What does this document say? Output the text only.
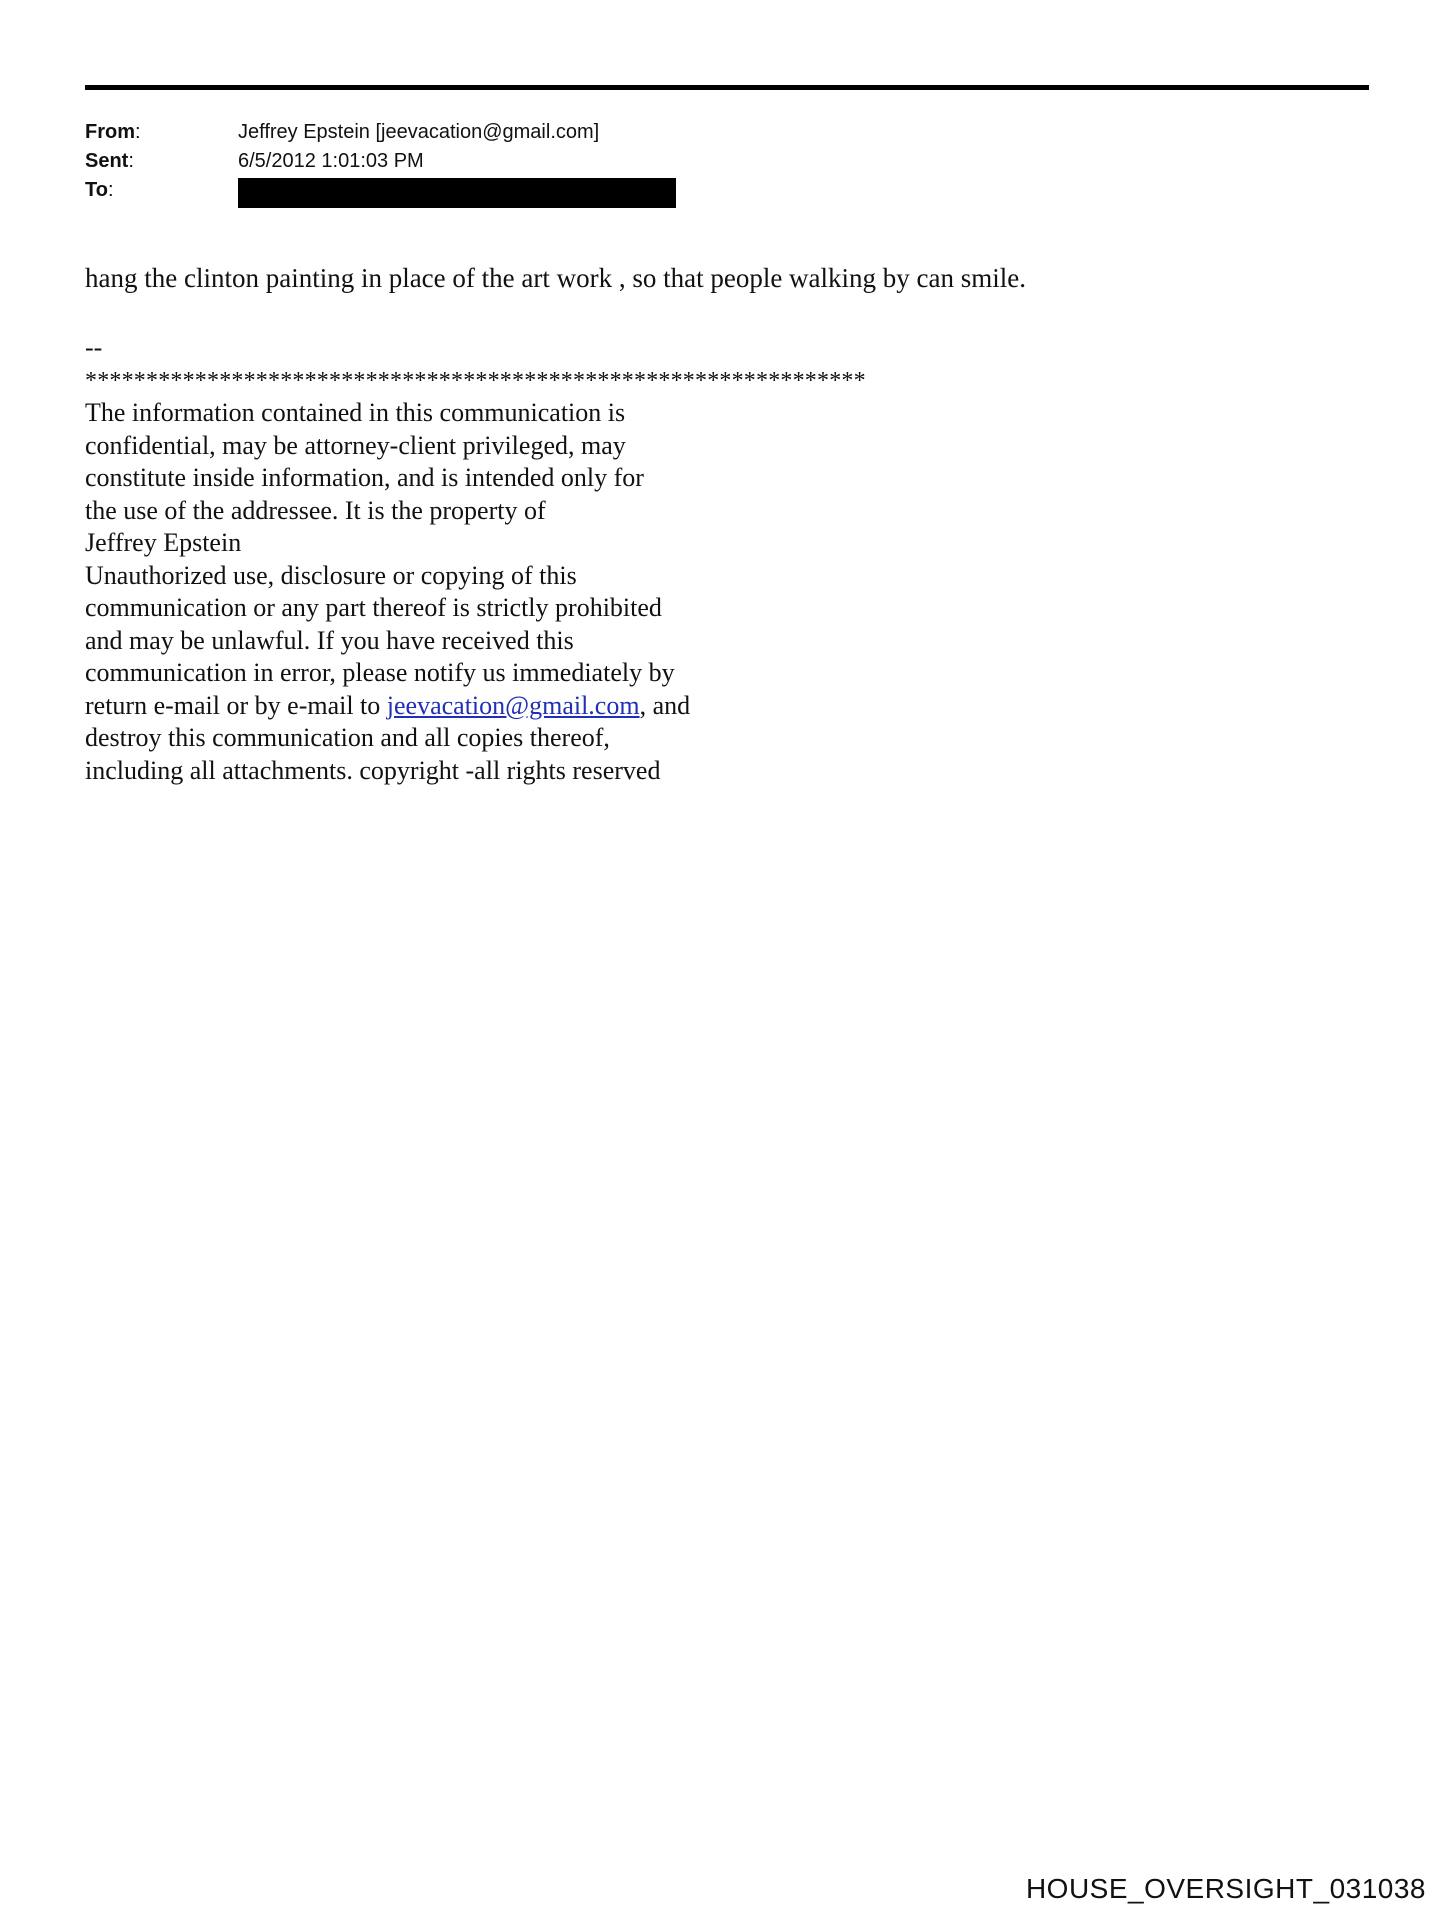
From:	Jeffrey Epstein [jeevacation@gmail.com]
Sent:	6/5/2012 1:01:03 PM
To:
hang the clinton painting in place of the art work , so that people walking by can smile.
--
****************************************************************
The information contained in this communication is
confidential, may be attorney-client privileged, may
constitute inside information, and is intended only for
the use of the addressee. It is the property of
Jeffrey Epstein
Unauthorized use, disclosure or copying of this
communication or any part thereof is strictly prohibited
and may be unlawful. If you have received this
communication in error, please notify us immediately by
return e-mail or by e-mail to jeevacation@gmail.com, and
destroy this communication and all copies thereof,
including all attachments. copyright -all rights reserved
HOUSE_OVERSIGHT_031038
